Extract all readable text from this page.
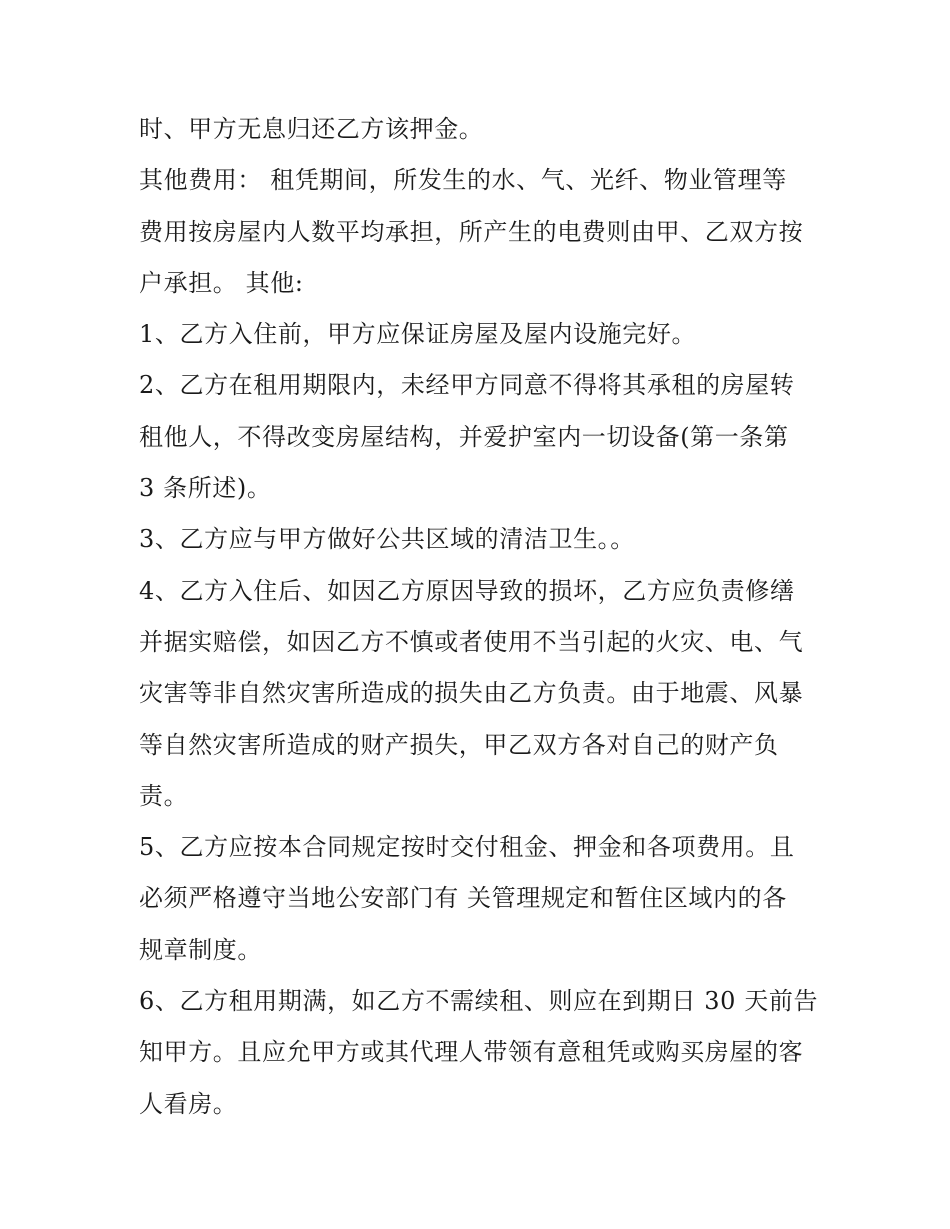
时、甲方无息归还乙方该押金。
其他费用： 租凭期间，所发生的水、气、光纤、物业管理等
费用按房屋内人数平均承担，所产生的电费则由甲、乙双方按
户承担。 其他:
1、乙方入住前，甲方应保证房屋及屋内设施完好。
2、乙方在租用期限内，未经甲方同意不得将其承租的房屋转
租他人，不得改变房屋结构，并爱护室内一切设备(第一条第
3 条所述)。
3、乙方应与甲方做好公共区域的清洁卫生。。
4、乙方入住后、如因乙方原因导致的损坏，乙方应负责修缮
并据实赔偿，如因乙方不慎或者使用不当引起的火灾、电、气
灾害等非自然灾害所造成的损失由乙方负责。由于地震、风暴
等自然灾害所造成的财产损失，甲乙双方各对自己的财产负
责。
5、乙方应按本合同规定按时交付租金、押金和各项费用。且
必须严格遵守当地公安部门有 关管理规定和暂住区域内的各
规章制度。
6、乙方租用期满，如乙方不需续租、则应在到期日 30 天前告
知甲方。且应允甲方或其代理人带领有意租凭或购买房屋的客
人看房。
